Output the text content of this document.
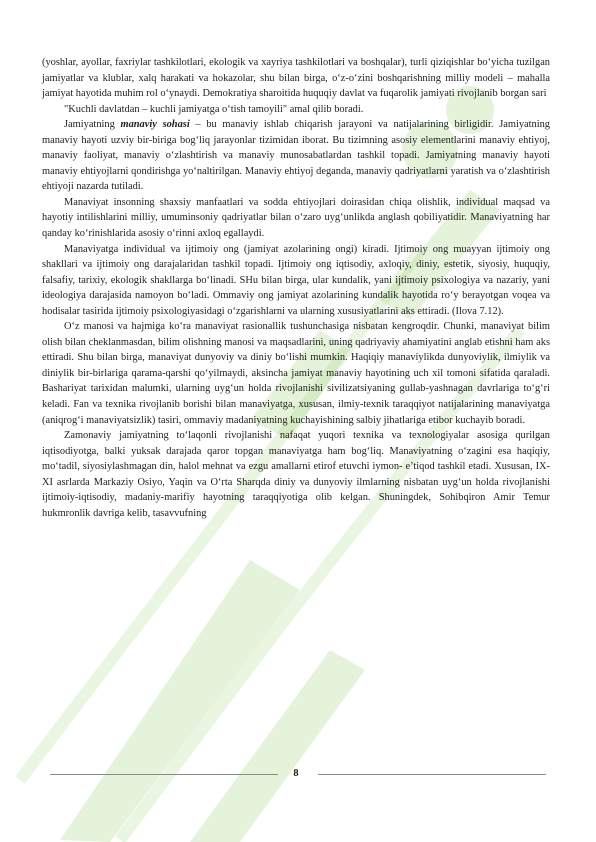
(yoshlar, ayollar, faxriylar tashkilotlari, ekologik va xayriya tashkilotlari va boshqalar), turli qiziqishlar bo‘yicha tuzilgan jamiyatlar va klublar, xalq harakati va hokazolar, shu bilan birga, o‘z-o‘zini boshqarishning milliy modeli – mahalla jamiyat hayotida muhim rol o‘ynaydi. Demokratiya sharoitida huquqiy davlat va fuqarolik jamiyati rivojlanib borgan sari

"Kuchli davlatdan – kuchli jamiyatga o‘tish tamoyili" amal qilib boradi.

Jamiyatning manaviy sohasi – bu manaviy ishlab chiqarish jarayoni va natijalarining birligidir. Jamiyatning manaviy hayoti uzviy bir-biriga bog‘liq jarayonlar tizimidan iborat. Bu tizimning asosiy elementlarini manaviy ehtiyoj, manaviy faoliyat, manaviy o‘zlashtirish va manaviy munosabatlardan tashkil topadi. Jamiyatning manaviy hayoti manaviy ehtiyojlarni qondirishga yo‘naltirilgan. Manaviy ehtiyoj deganda, manaviy qadriyatlarni yaratish va o‘zlashtirish ehtiyoji nazarda tutiladi.

Manaviyat insonning shaxsiy manfaatlari va sodda ehtiyojlari doirasidan chiqa olishlik, individual maqsad va hayotiy intilishlarini milliy, umuminsoniy qadriyatlar bilan o‘zaro uyg‘unlikda anglash qobiliyatidir. Manaviyatning har qanday ko‘rinishlarida asosiy o‘rinni axloq egallaydi.

Manaviyatga individual va ijtimoiy ong (jamiyat azolarining ongi) kiradi. Ijtimoiy ong muayyan ijtimoiy ong shakllari va ijtimoiy ong darajalaridan tashkil topadi. Ijtimoiy ong iqtisodiy, axloqiy, diniy, estetik, siyosiy, huquqiy, falsafiy, tarixiy, ekologik shakllarga bo‘linadi. SHu bilan birga, ular kundalik, yani ijtimoiy psixologiya va nazariy, yani ideologiya darajasida namoyon bo‘ladi. Ommaviy ong jamiyat azolarining kundalik hayotida ro‘y berayotgan voqea va hodisalar tasirida ijtimoiy psixologiyasidagi o‘zgarishlarni va ularning xususiyatlarini aks ettiradi. (Ilova 7.12).

O‘z manosi va hajmiga ko‘ra manaviyat rasionallik tushunchasiga nisbatan kengroqdir. Chunki, manaviyat bilim olish bilan cheklanmasdan, bilim olishning manosi va maqsadlarini, uning qadriyaviy ahamiyatini anglab etishni ham aks ettiradi. Shu bilan birga, manaviyat dunyoviy va diniy bo‘lishi mumkin. Haqiqiy manaviylikda dunyoviylik, ilmiylik va diniylik bir-birlariga qarama-qarshi qo‘yilmaydi, aksincha jamiyat manaviy hayotining uch xil tomoni sifatida qaraladi. Bashariyat tarixidan malumki, ularning uyg‘un holda rivojlanishi sivilizatsiyaning gullab-yashnagan davrlariga to‘g‘ri keladi. Fan va texnika rivojlanib borishi bilan manaviyatga, xususan, ilmiy-texnik taraqqiyot natijalarining manaviyatga (aniqrog‘i manaviyatsizlik) tasiri, ommaviy madaniyatning kuchayishining salbiy jihatlariga etibor kuchayib boradi.

Zamonaviy jamiyatning to‘laqonli rivojlanishi nafaqat yuqori texnika va texnologiyalar asosiga qurilgan iqtisodiyotga, balki yuksak darajada qaror topgan manaviyatga ham bog‘liq. Manaviyatning o‘zagini esa haqiqiy, mo‘tadil, siyosiylashmagan din, halol mehnat va ezgu amallarni etirof etuvchi iymon- e’tiqod tashkil etadi. Xususan, IX-XI asrlarda Markaziy Osiyo, Yaqin va O‘rta Sharqda diniy va dunyoviy ilmlarning nisbatan uyg‘un holda rivojlanishi ijtimoiy-iqtisodiy, madaniy-marifiy hayotning taraqqiyotiga olib kelgan. Shuningdek, Sohibqiron Amir Temur hukmronlik davriga kelib, tasavvufning

8
